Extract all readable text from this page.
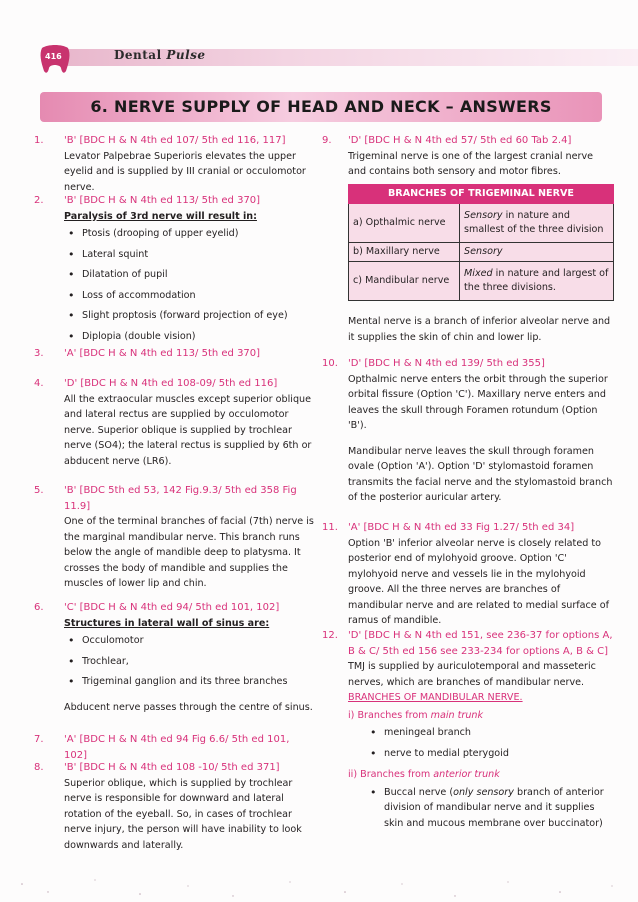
416	Dental Pulse
6. NERVE SUPPLY OF HEAD AND NECK – ANSWERS
1. 'B' [BDC H & N 4th ed 107/ 5th ed 116, 117]
Levator Palpebrae Superioris elevates the upper eyelid and is supplied by III cranial or occulomotor nerve.
2. 'B' [BDC H & N 4th ed 113/ 5th ed 370]
Paralysis of 3rd nerve will result in:
• Ptosis (drooping of upper eyelid)
• Lateral squint
• Dilatation of pupil
• Loss of accommodation
• Slight proptosis (forward projection of eye)
• Diplopia (double vision)
3. 'A' [BDC H & N 4th ed 113/ 5th ed 370]
4. 'D' [BDC H & N 4th ed 108-09/ 5th ed 116]
All the extraocular muscles except superior oblique and lateral rectus are supplied by occulomotor nerve. Superior oblique is supplied by trochlear nerve (SO4); the lateral rectus is supplied by 6th or abducent nerve (LR6).
5. 'B' [BDC 5th ed 53, 142 Fig.9.3/ 5th ed 358 Fig 11.9]
One of the terminal branches of facial (7th) nerve is the marginal mandibular nerve. This branch runs below the angle of mandible deep to platysma. It crosses the body of mandible and supplies the muscles of lower lip and chin.
6. 'C' [BDC H & N 4th ed 94/ 5th ed 101, 102]
Structures in lateral wall of sinus are:
• Occulomotor
• Trochlear,
• Trigeminal ganglion and its three branches
Abducent nerve passes through the centre of sinus.
7. 'A' [BDC H & N 4th ed 94 Fig 6.6/ 5th ed 101, 102]
8. 'B' [BDC H & N 4th ed 108 -10/ 5th ed 371]
Superior oblique, which is supplied by trochlear nerve is responsible for downward and lateral rotation of the eyeball. So, in cases of trochlear nerve injury, the person will have inability to look downwards and laterally.
9. 'D' [BDC H & N 4th ed 57/ 5th ed 60 Tab 2.4]
Trigeminal nerve is one of the largest cranial nerve and contains both sensory and motor fibres.
BRANCHES OF TRIGEMINAL NERVE	
a) Opthalmic nerve	Sensory in nature and smallest of the three division
b) Maxillary nerve	Sensory
c) Mandibular nerve	Mixed in nature and largest of the three divisions.
Mental nerve is a branch of inferior alveolar nerve and it supplies the skin of chin and lower lip.
10. 'D' [BDC H & N 4th ed 139/ 5th ed 355]
Opthalmic nerve enters the orbit through the superior orbital fissure (Option 'C'). Maxillary nerve enters and leaves the skull through Foramen rotundum (Option 'B').
Mandibular nerve leaves the skull through foramen ovale (Option 'A'). Option 'D' stylomastoid foramen transmits the facial nerve and the stylomastoid branch of the posterior auricular artery.
11. 'A' [BDC H & N 4th ed 33 Fig 1.27/ 5th ed 34]
Option 'B' inferior alveolar nerve is closely related to posterior end of mylohyoid groove. Option 'C' mylohyoid nerve and vessels lie in the mylohyoid groove. All the three nerves are branches of mandibular nerve and are related to medial surface of ramus of mandible.
12. 'D' [BDC H & N 4th ed 151, see 236-37 for options A, B & C/ 5th ed 156 see 233-234 for options A, B & C]
TMJ is supplied by auriculotemporal and masseteric nerves, which are branches of mandibular nerve.
BRANCHES OF MANDIBULAR NERVE.
i) Branches from main trunk
• meningeal branch
• nerve to medial pterygoid
ii) Branches from anterior trunk
• Buccal nerve (only sensory branch of anterior division of mandibular nerve and it supplies skin and mucous membrane over buccinator)
